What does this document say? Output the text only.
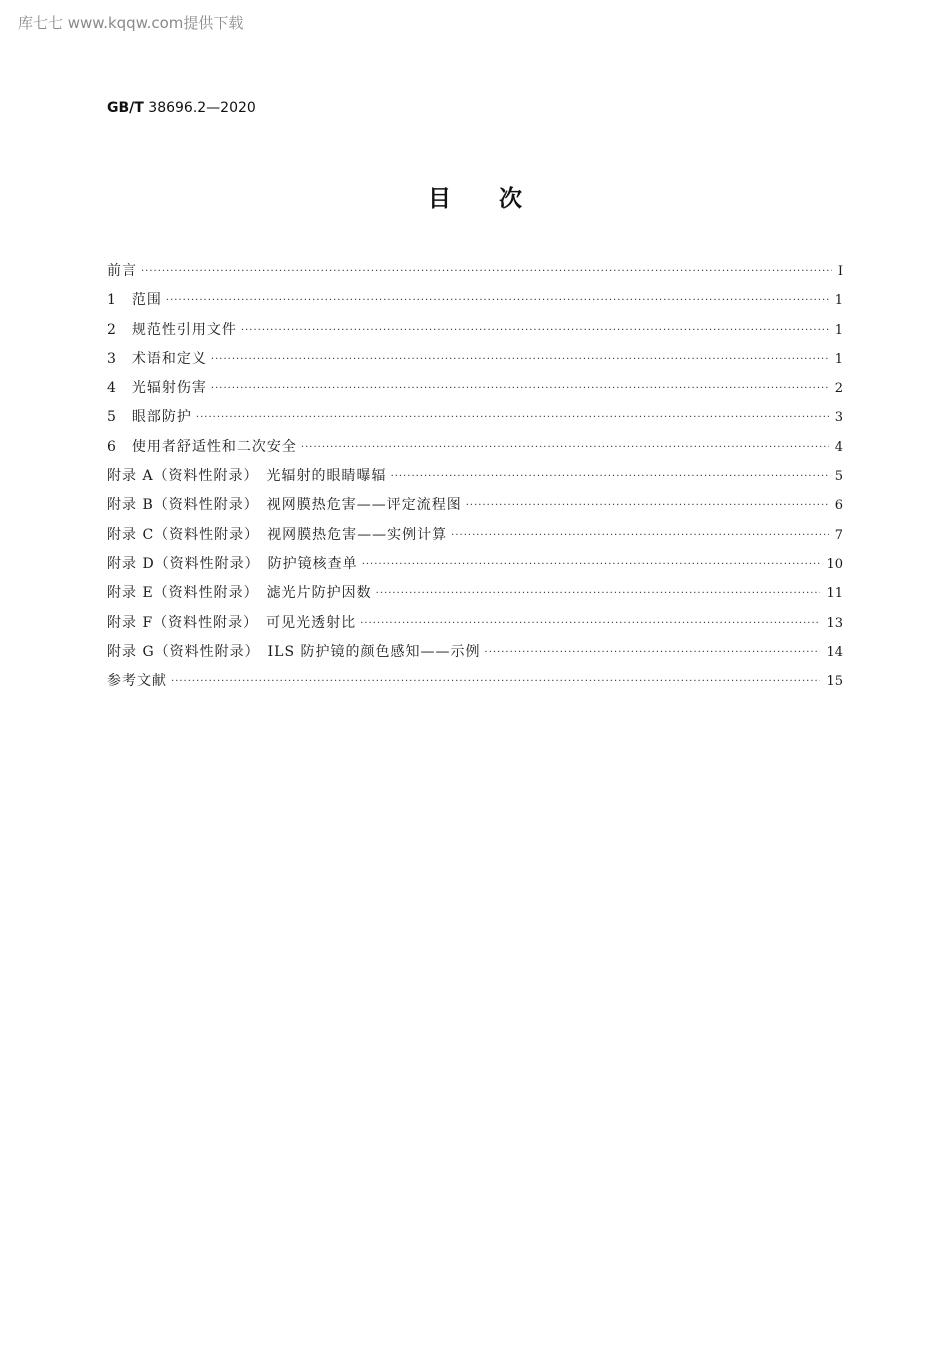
库七七 www.kqqw.com提供下载
GB/T 38696.2—2020
目次
前言 ·····	Ⅰ
1　范围 ·····	1
2　规范性引用文件 ·····	1
3　术语和定义 ·····	1
4　光辐射伤害 ·····	2
5　眼部防护 ·····	3
6　使用者舒适性和二次安全 ·····	4
附录 A（资料性附录）　光辐射的眼睛曝辐 ·····	5
附录 B（资料性附录）　视网膜热危害——评定流程图 ·····	6
附录 C（资料性附录）　视网膜热危害——实例计算 ·····	7
附录 D（资料性附录）　防护镜核查单 ·····	10
附录 E（资料性附录）　滤光片防护因数 ·····	11
附录 F（资料性附录）　可见光透射比 ·····	13
附录 G（资料性附录）　ILS 防护镜的颜色感知——示例 ·····	14
参考文献 ·····	15
